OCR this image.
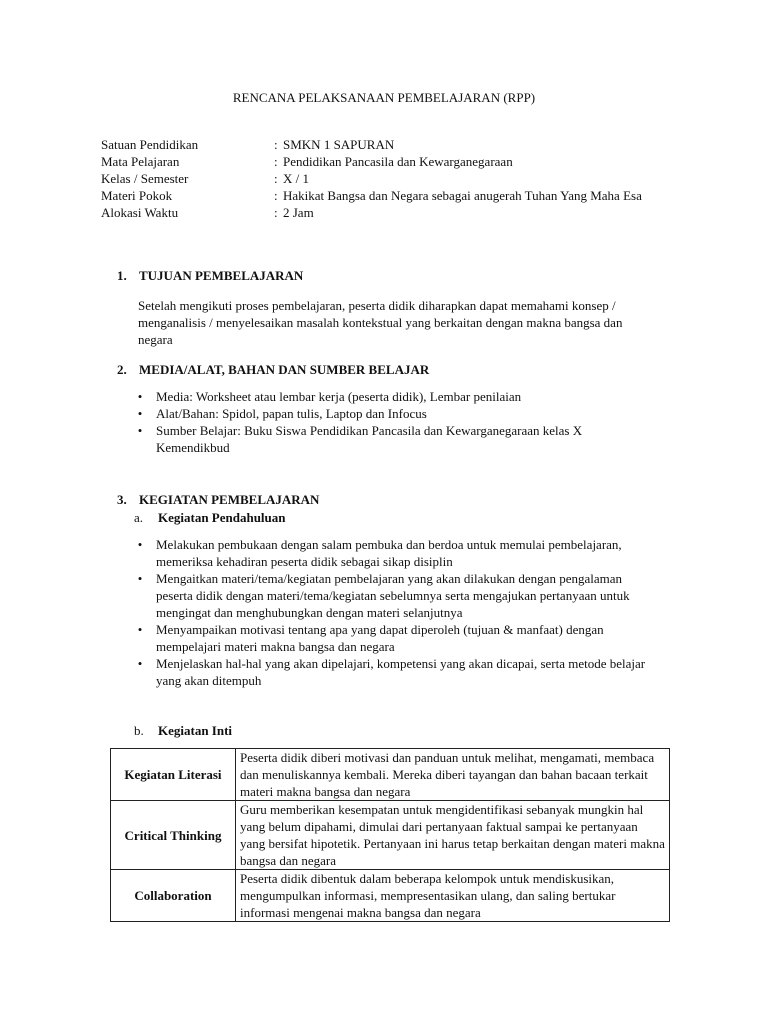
RENCANA PELAKSANAAN PEMBELAJARAN (RPP)
Satuan Pendidikan	: SMKN 1 SAPURAN
Mata Pelajaran	: Pendidikan Pancasila dan Kewarganegaraan
Kelas / Semester	: X / 1
Materi Pokok	: Hakikat Bangsa dan Negara sebagai anugerah Tuhan Yang Maha Esa
Alokasi Waktu	: 2 Jam
1. TUJUAN PEMBELAJARAN
Setelah mengikuti proses pembelajaran, peserta didik diharapkan dapat memahami konsep / menganalisis / menyelesaikan masalah kontekstual yang berkaitan dengan makna bangsa dan negara
2. MEDIA/ALAT, BAHAN DAN SUMBER BELAJAR
• Media: Worksheet atau lembar kerja (peserta didik), Lembar penilaian
• Alat/Bahan: Spidol, papan tulis, Laptop dan Infocus
• Sumber Belajar: Buku Siswa Pendidikan Pancasila dan Kewarganegaraan kelas X Kemendikbud
3. KEGIATAN PEMBELAJARAN
a. Kegiatan Pendahuluan
• Melakukan pembukaan dengan salam pembuka dan berdoa untuk memulai pembelajaran, memeriksa kehadiran peserta didik sebagai sikap disiplin
• Mengaitkan materi/tema/kegiatan pembelajaran yang akan dilakukan dengan pengalaman peserta didik dengan materi/tema/kegiatan sebelumnya serta mengajukan pertanyaan untuk mengingat dan menghubungkan dengan materi selanjutnya
• Menyampaikan motivasi tentang apa yang dapat diperoleh (tujuan & manfaat) dengan mempelajari materi makna bangsa dan negara
• Menjelaskan hal-hal yang akan dipelajari, kompetensi yang akan dicapai, serta metode belajar yang akan ditempuh
b. Kegiatan Inti
Kegiatan Literasi	Peserta didik diberi motivasi dan panduan untuk melihat, mengamati, membaca dan menuliskannya kembali. Mereka diberi tayangan dan bahan bacaan terkait materi makna bangsa dan negara
Critical Thinking	Guru memberikan kesempatan untuk mengidentifikasi sebanyak mungkin hal yang belum dipahami, dimulai dari pertanyaan faktual sampai ke pertanyaan yang bersifat hipotetik. Pertanyaan ini harus tetap berkaitan dengan materi makna bangsa dan negara
Collaboration	Peserta didik dibentuk dalam beberapa kelompok untuk mendiskusikan, mengumpulkan informasi, mempresentasikan ulang, dan saling bertukar informasi mengenai makna bangsa dan negara
